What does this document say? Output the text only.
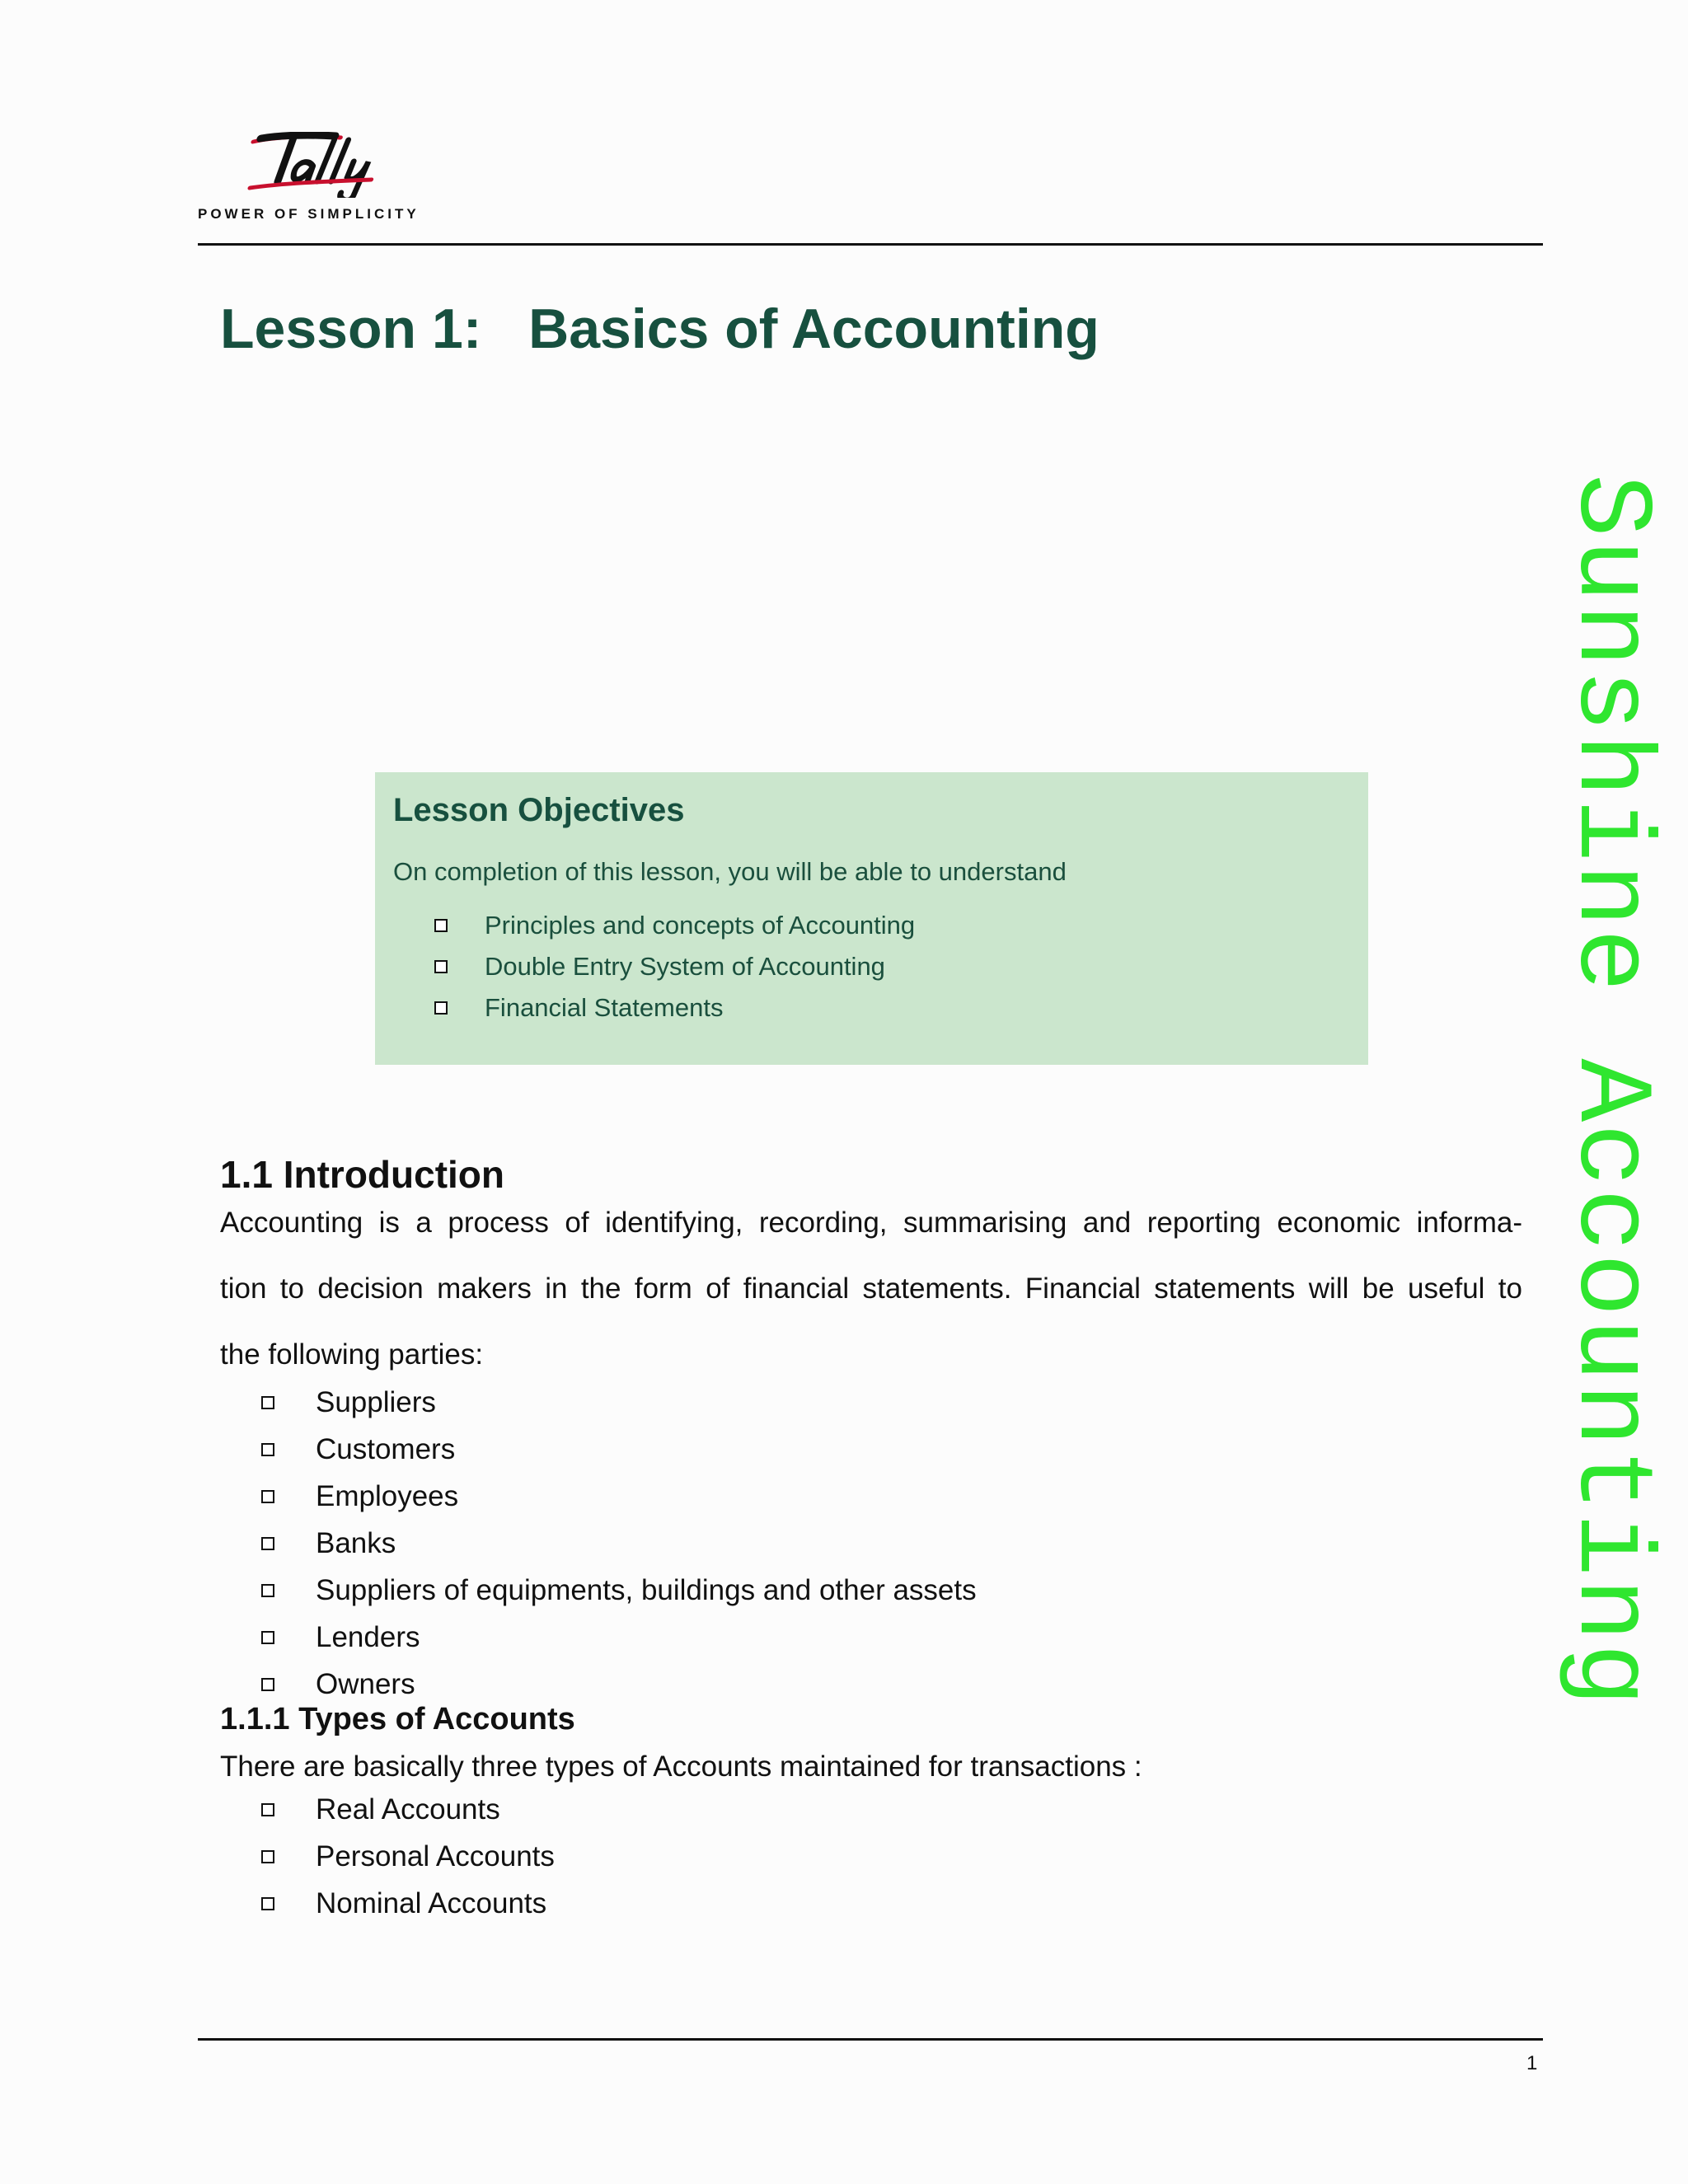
POWER OF SIMPLICITY
Lesson 1:   Basics of Accounting
Lesson Objectives

On completion of this lesson, you will be able to understand

Principles and concepts of Accounting
Double Entry System of Accounting
Financial Statements
1.1 Introduction

Accounting is a process of identifying, recording, summarising and reporting economic informa-

tion to decision makers in the form of financial statements. Financial statements will be useful to

the following parties:

Suppliers
Customers
Employees
Banks
Suppliers of equipments, buildings and other assets
Lenders
Owners
1.1.1 Types of Accounts

There are basically three types of Accounts maintained for transactions :

Real Accounts
Personal Accounts
Nominal Accounts
Sunshine Accounting
1
